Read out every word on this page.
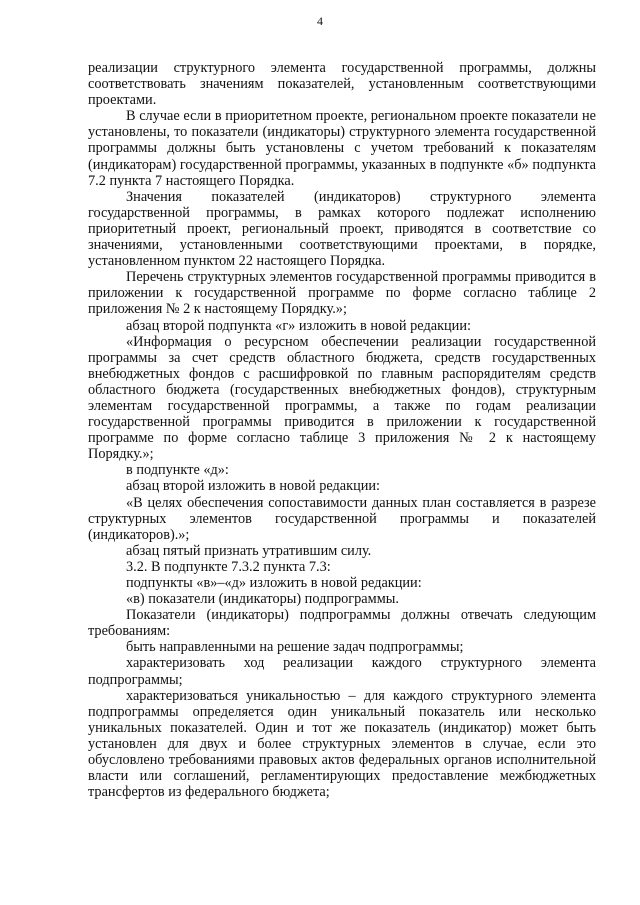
4

реализации структурного элемента государственной программы, должны соответствовать значениям показателей, установленным соответствующими проектами.

В случае если в приоритетном проекте, региональном проекте показатели не установлены, то показатели (индикаторы) структурного элемента государственной программы должны быть установлены с учетом требований к показателям (индикаторам) государственной программы, указанных в подпункте «б» подпункта 7.2 пункта 7 настоящего Порядка.

Значения показателей (индикаторов) структурного элемента государственной программы, в рамках которого подлежат исполнению приоритетный проект, региональный проект, приводятся в соответствие со значениями, установленными соответствующими проектами, в порядке, установленном пунктом 22 настоящего Порядка.

Перечень структурных элементов государственной программы приводится в приложении к государственной программе по форме согласно таблице 2 приложения № 2 к настоящему Порядку.»;

абзац второй подпункта «г» изложить в новой редакции:

«Информация о ресурсном обеспечении реализации государственной программы за счет средств областного бюджета, средств государственных внебюджетных фондов с расшифровкой по главным распорядителям средств областного бюджета (государственных внебюджетных фондов), структурным элементам государственной программы, а также по годам реализации государственной программы приводится в приложении к государственной программе по форме согласно таблице 3 приложения № 2 к настоящему Порядку.»;

в подпункте «д»:

абзац второй изложить в новой редакции:

«В целях обеспечения сопоставимости данных план составляется в разрезе структурных элементов государственной программы и показателей (индикаторов).»;

абзац пятый признать утратившим силу.

3.2. В подпункте 7.3.2 пункта 7.3:

подпункты «в»–«д» изложить в новой редакции:

«в) показатели (индикаторы) подпрограммы.

Показатели (индикаторы) подпрограммы должны отвечать следующим требованиям:

быть направленными на решение задач подпрограммы;

характеризовать ход реализации каждого структурного элемента подпрограммы;

характеризоваться уникальностью – для каждого структурного элемента подпрограммы определяется один уникальный показатель или несколько уникальных показателей. Один и тот же показатель (индикатор) может быть установлен для двух и более структурных элементов в случае, если это обусловлено требованиями правовых актов федеральных органов исполнительной власти или соглашений, регламентирующих предоставление межбюджетных трансфертов из федерального бюджета;
